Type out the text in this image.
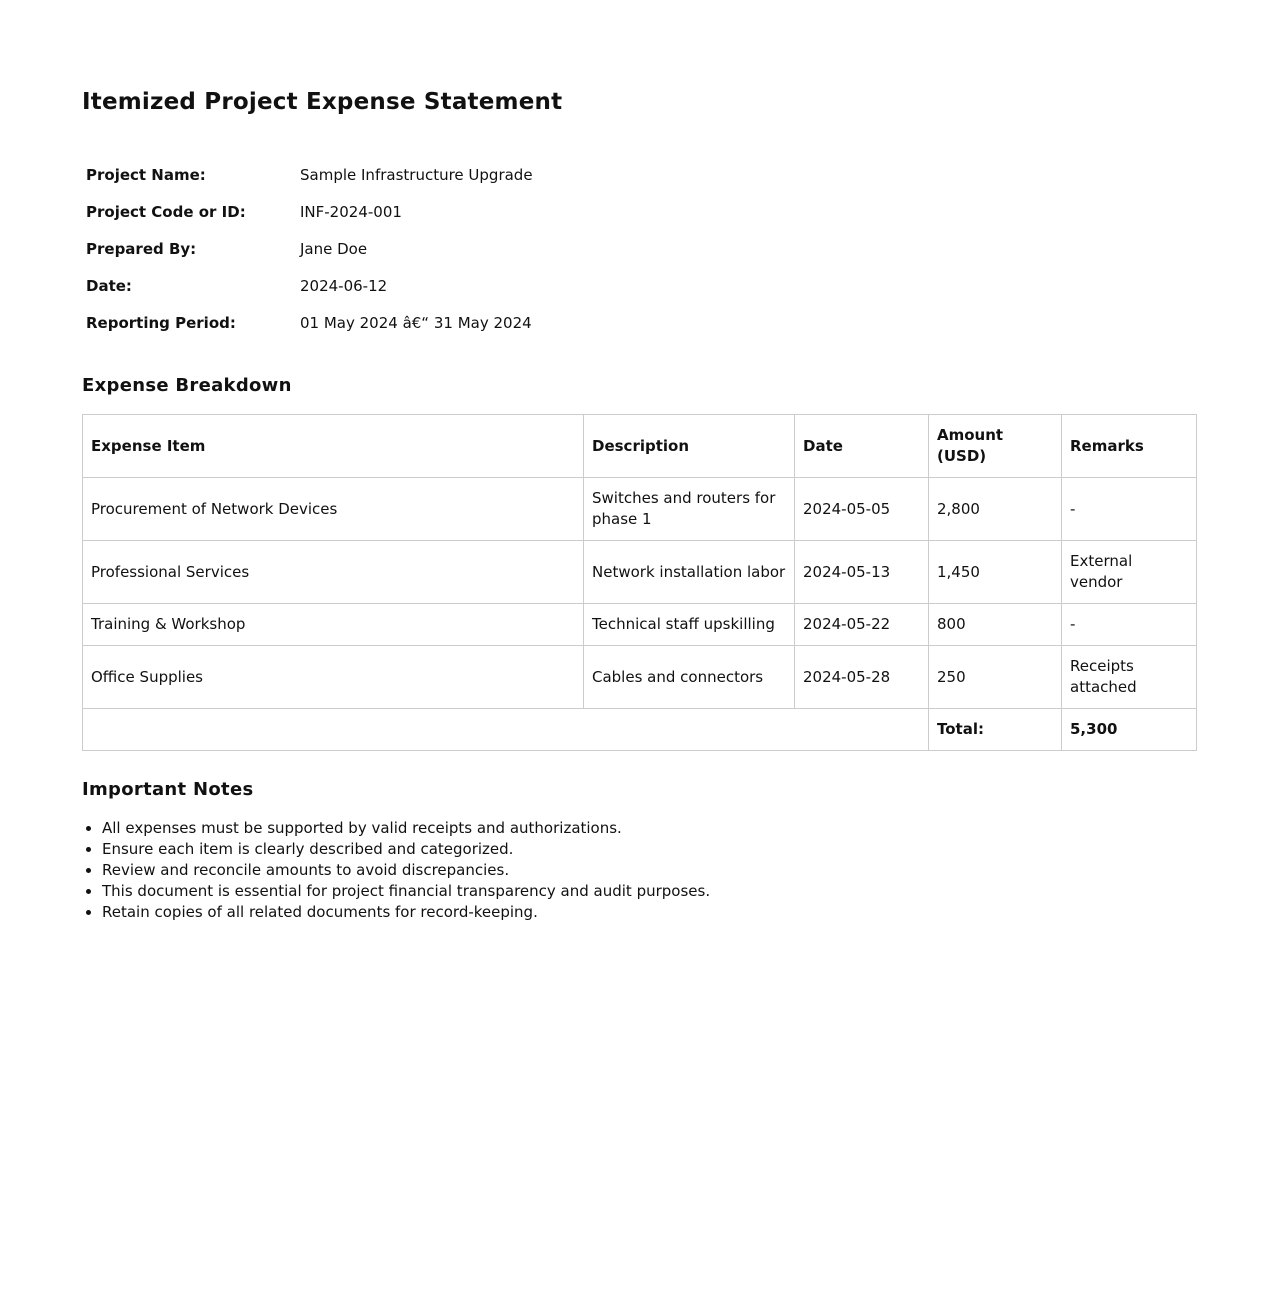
Itemized Project Expense Statement
Project Name:	Sample Infrastructure Upgrade
Project Code or ID:	INF-2024-001
Prepared By:	Jane Doe
Date:	2024-06-12
Reporting Period:	01 May 2024 â€“ 31 May 2024
Expense Breakdown
Expense Item	Description	Date	Amount (USD)	Remarks
Procurement of Network Devices	Switches and routers for phase 1	2024-05-05	2,800	-
Professional Services	Network installation labor	2024-05-13	1,450	External vendor
Training & Workshop	Technical staff upskilling	2024-05-22	800	-
Office Supplies	Cables and connectors	2024-05-28	250	Receipts attached
			Total:	5,300
Important Notes
• All expenses must be supported by valid receipts and authorizations.
• Ensure each item is clearly described and categorized.
• Review and reconcile amounts to avoid discrepancies.
• This document is essential for project financial transparency and audit purposes.
• Retain copies of all related documents for record-keeping.
